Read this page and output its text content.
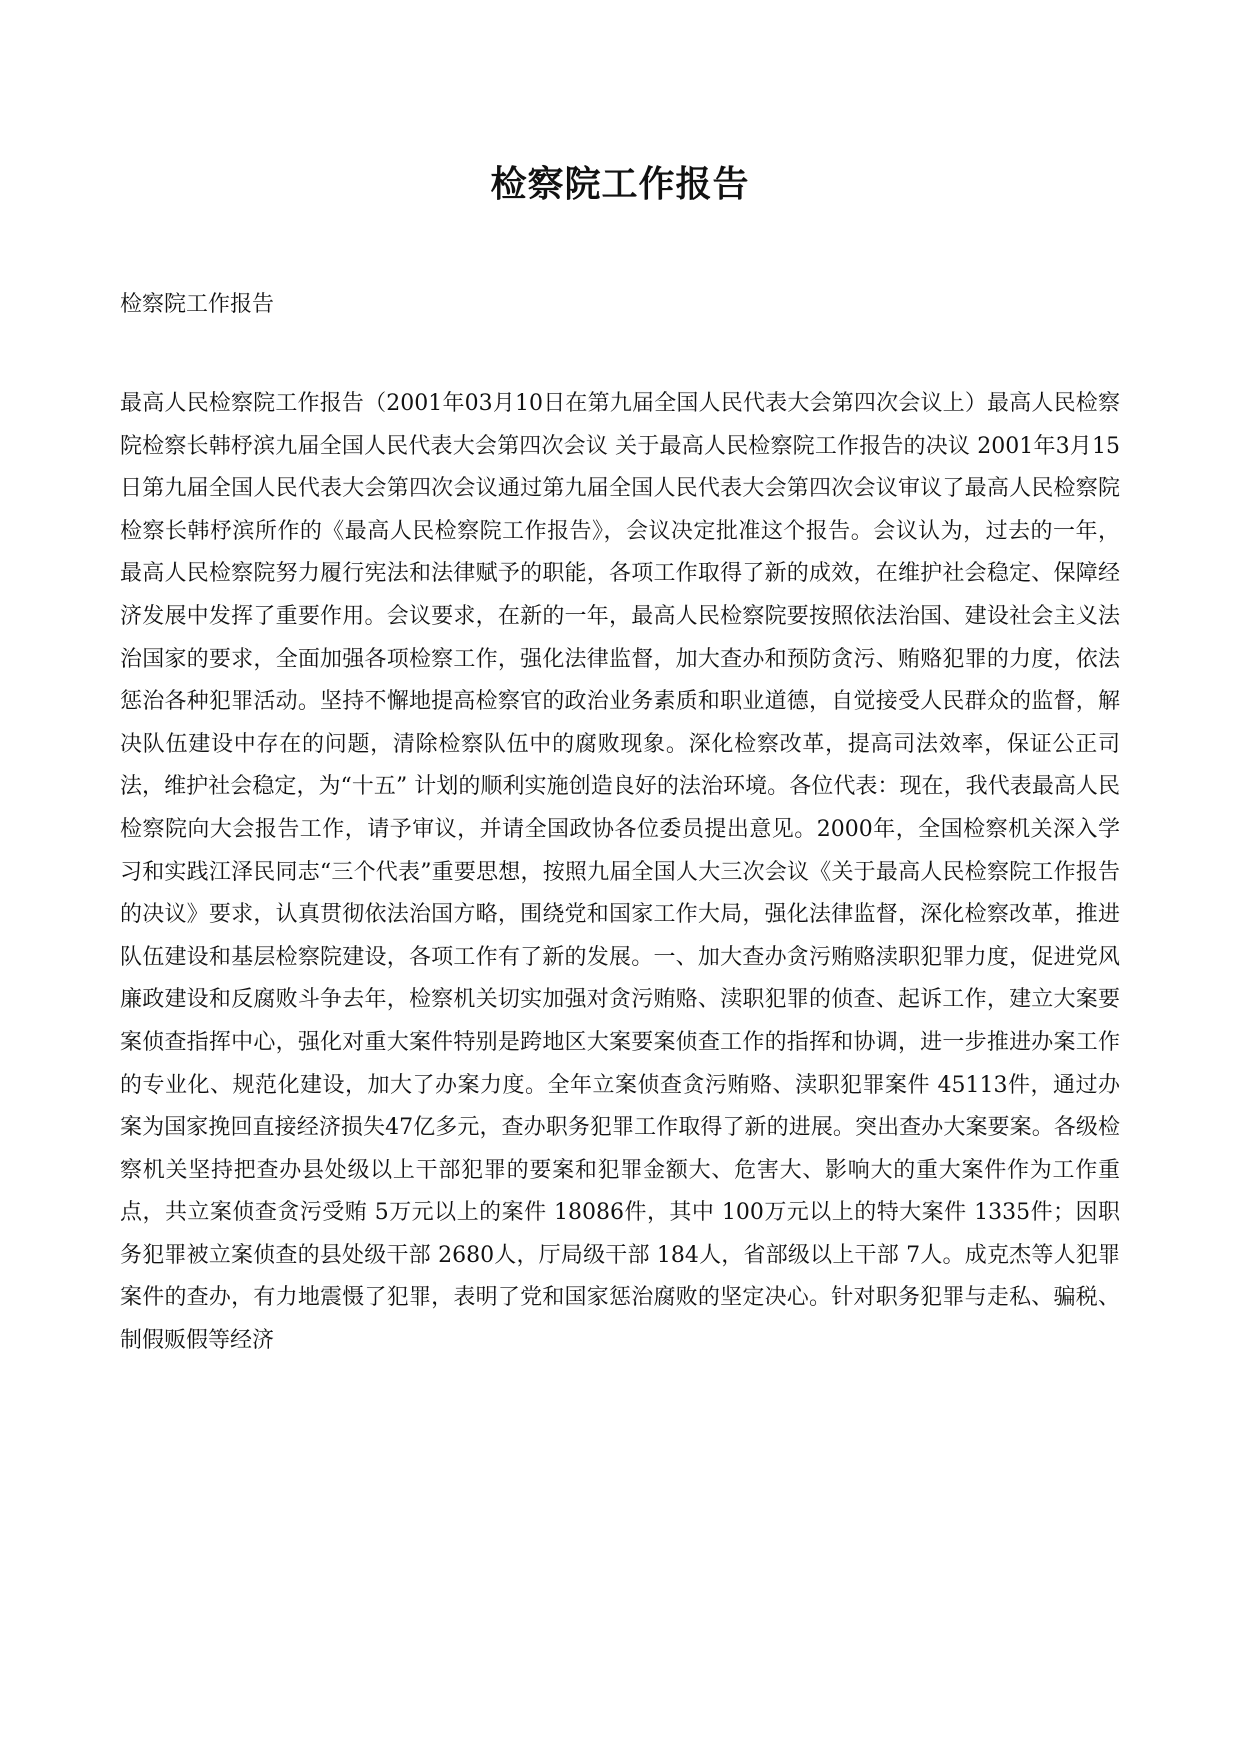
检察院工作报告

检察院工作报告

最高人民检察院工作报告（2001年03月10日在第九届全国人民代表大会第四次会议上）最高人民检察院检察长韩杼滨九届全国人民代表大会第四次会议 关于最高人民检察院工作报告的决议 2001年3月15日第九届全国人民代表大会第四次会议通过第九届全国人民代表大会第四次会议审议了最高人民检察院检察长韩杼滨所作的《最高人民检察院工作报告》，会议决定批准这个报告。会议认为，过去的一年，最高人民检察院努力履行宪法和法律赋予的职能，各项工作取得了新的成效，在维护社会稳定、保障经济发展中发挥了重要作用。会议要求，在新的一年，最高人民检察院要按照依法治国、建设社会主义法治国家的要求，全面加强各项检察工作，强化法律监督，加大查办和预防贪污、贿赂犯罪的力度，依法惩治各种犯罪活动。坚持不懈地提高检察官的政治业务素质和职业道德，自觉接受人民群众的监督，解决队伍建设中存在的问题，清除检察队伍中的腐败现象。深化检察改革，提高司法效率，保证公正司法，维护社会稳定，为“十五” 计划的顺利实施创造良好的法治环境。各位代表：现在，我代表最高人民检察院向大会报告工作，请予审议，并请全国政协各位委员提出意见。2000年，全国检察机关深入学习和实践江泽民同志“三个代表”重要思想，按照九届全国人大三次会议《关于最高人民检察院工作报告的决议》要求，认真贯彻依法治国方略，围绕党和国家工作大局，强化法律监督，深化检察改革，推进队伍建设和基层检察院建设，各项工作有了新的发展。一、加大查办贪污贿赂渎职犯罪力度，促进党风廉政建设和反腐败斗争去年，检察机关切实加强对贪污贿赂、渎职犯罪的侦查、起诉工作，建立大案要案侦查指挥中心，强化对重大案件特别是跨地区大案要案侦查工作的指挥和协调，进一步推进办案工作的专业化、规范化建设，加大了办案力度。全年立案侦查贪污贿赂、渎职犯罪案件 45113件，通过办案为国家挽回直接经济损失47亿多元，查办职务犯罪工作取得了新的进展。突出查办大案要案。各级检察机关坚持把查办县处级以上干部犯罪的要案和犯罪金额大、危害大、影响大的重大案件作为工作重点，共立案侦查贪污受贿 5万元以上的案件 18086件，其中 100万元以上的特大案件 1335件；因职务犯罪被立案侦查的县处级干部 2680人，厅局级干部 184人，省部级以上干部 7人。成克杰等人犯罪案件的查办，有力地震慑了犯罪，表明了党和国家惩治腐败的坚定决心。针对职务犯罪与走私、骗税、制假贩假等经济
